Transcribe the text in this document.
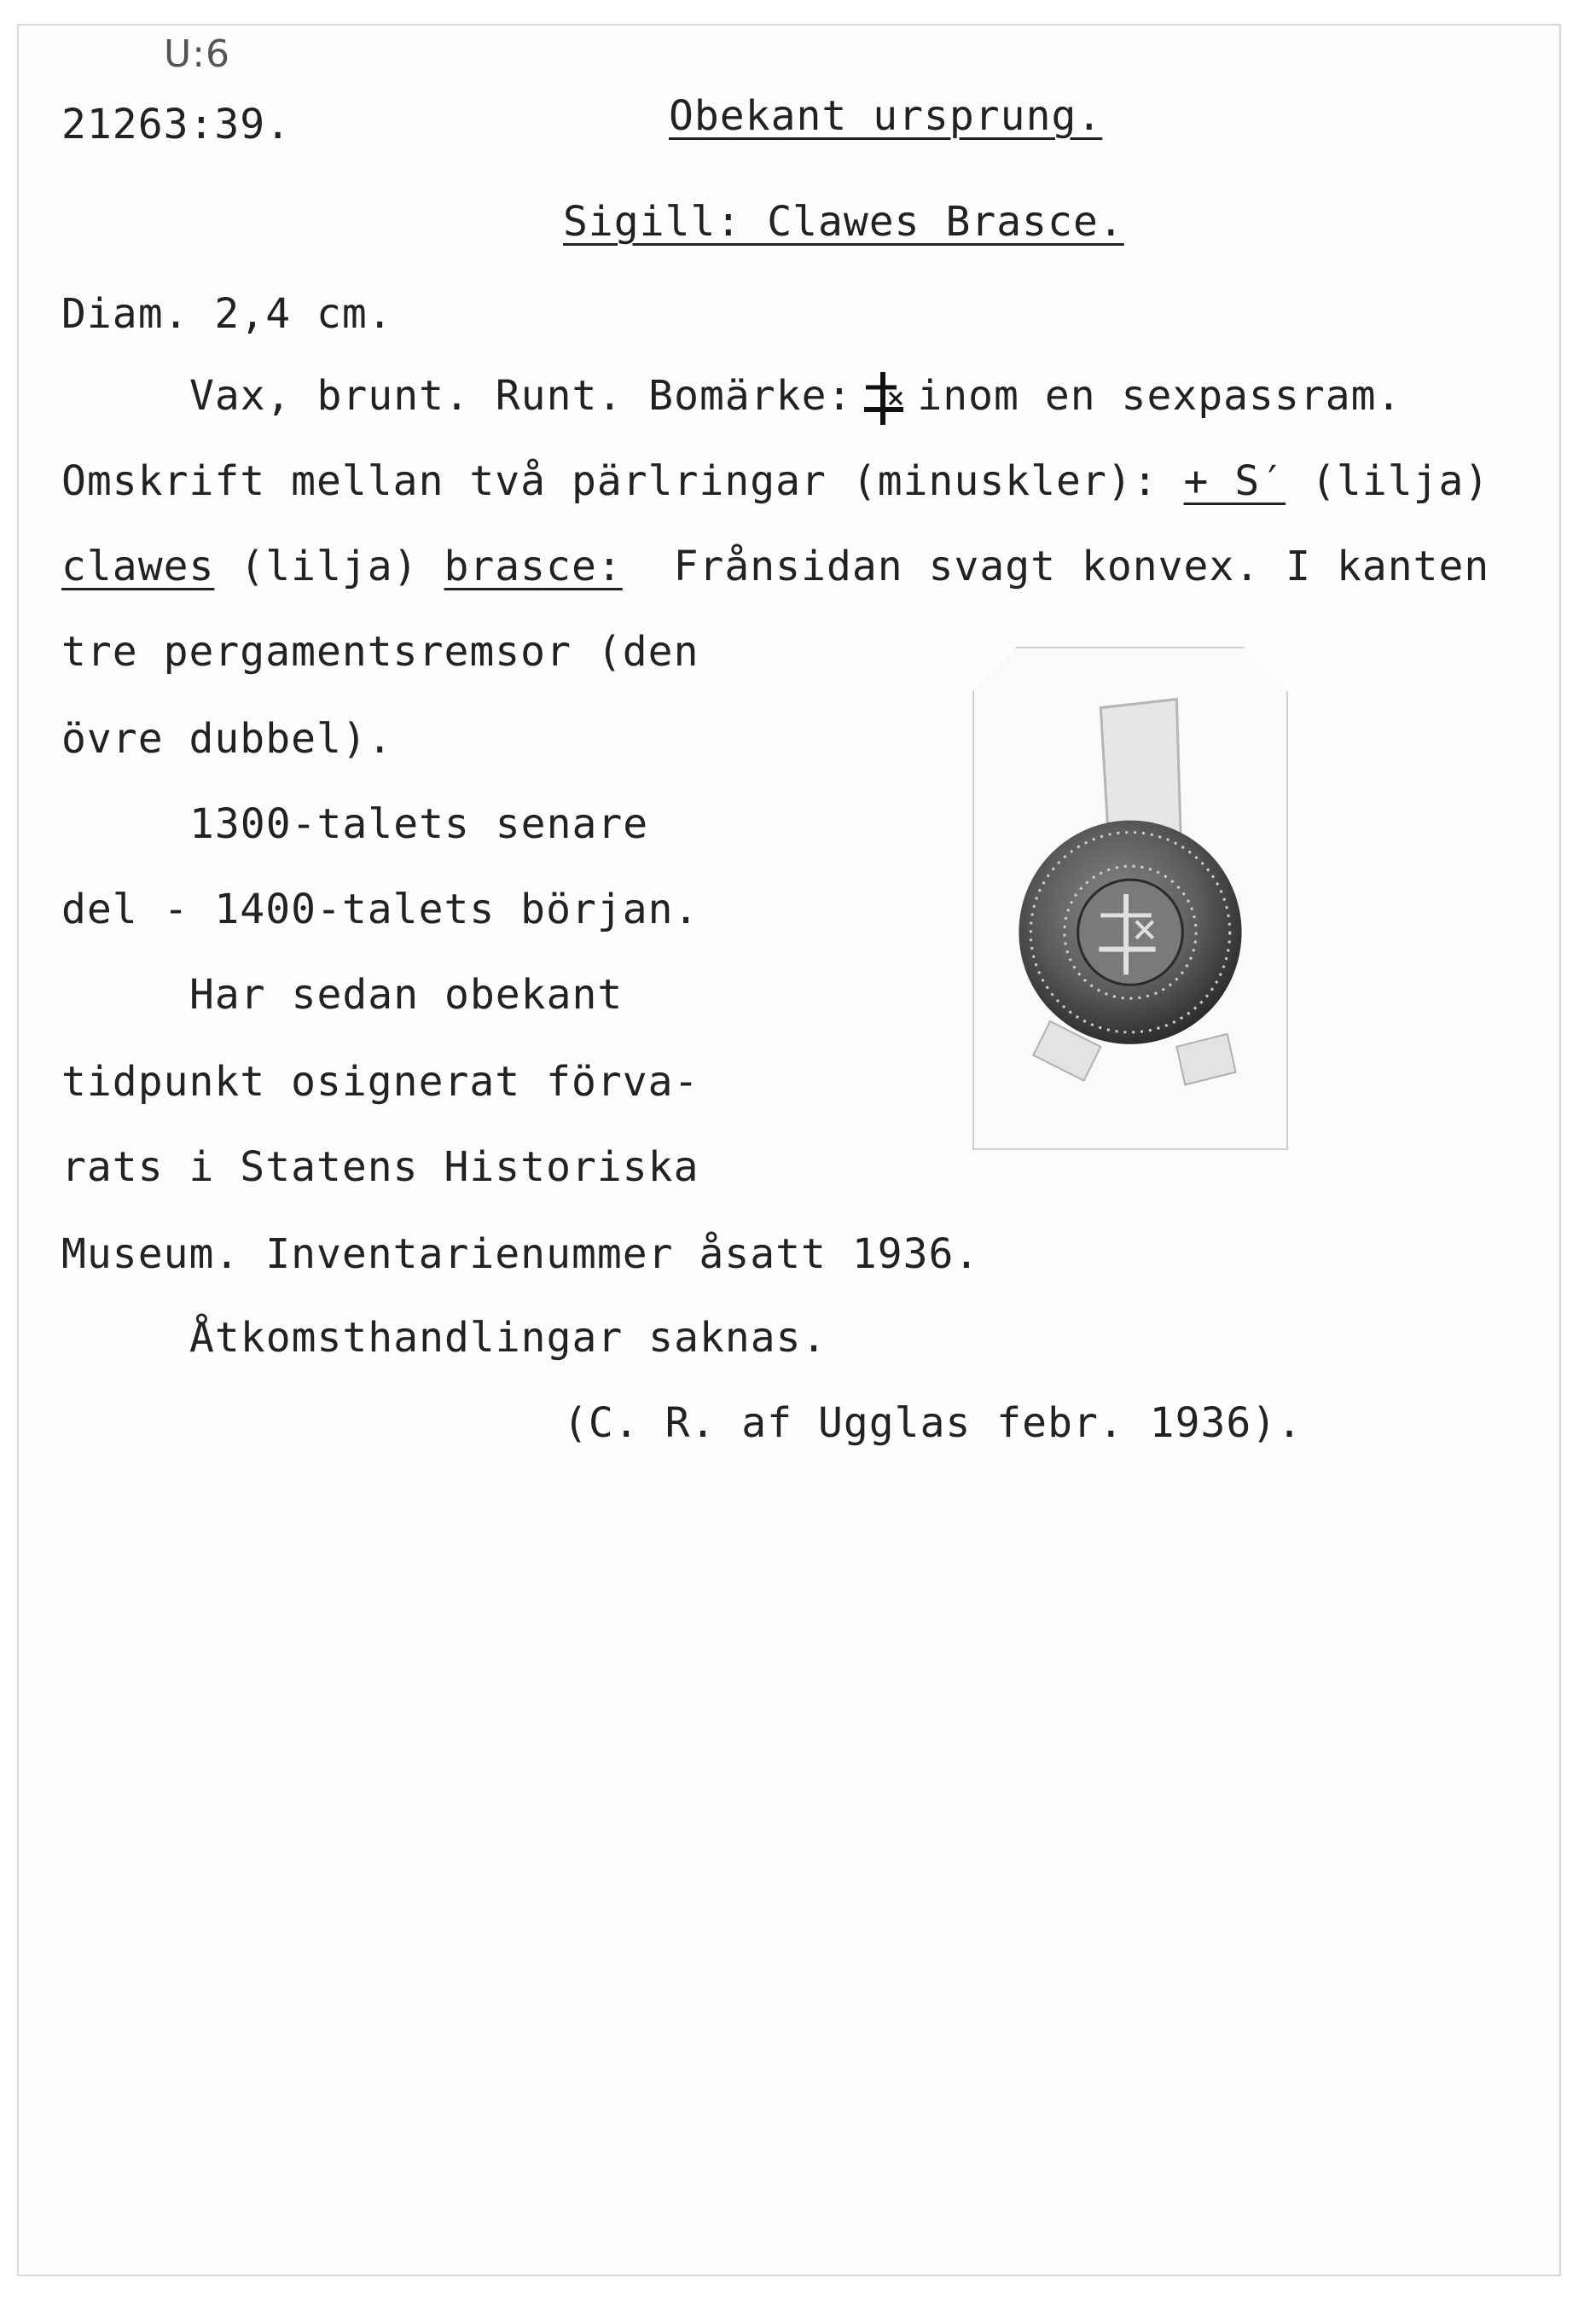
U:6
21263:39.	Obekant ursprung.
Sigill: Clawes Brasce.
Diam. 2,4 cm.
Vax, brunt. Runt. Bomärke: inom en sexpassram.
Omskrift mellan två pärlringar (minuskler): + S′ (lilja)
clawes (lilja) brasce:  Frånsidan svagt konvex. I kanten
tre pergamentsremsor (den
övre dubbel).
1300-talets senare
del - 1400-talets början.
Har sedan obekant
tidpunkt osignerat förva-
rats i Statens Historiska
Museum. Inventarienummer åsatt 1936.
Åtkomsthandlingar saknas.
(C. R. af Ugglas febr. 1936).
